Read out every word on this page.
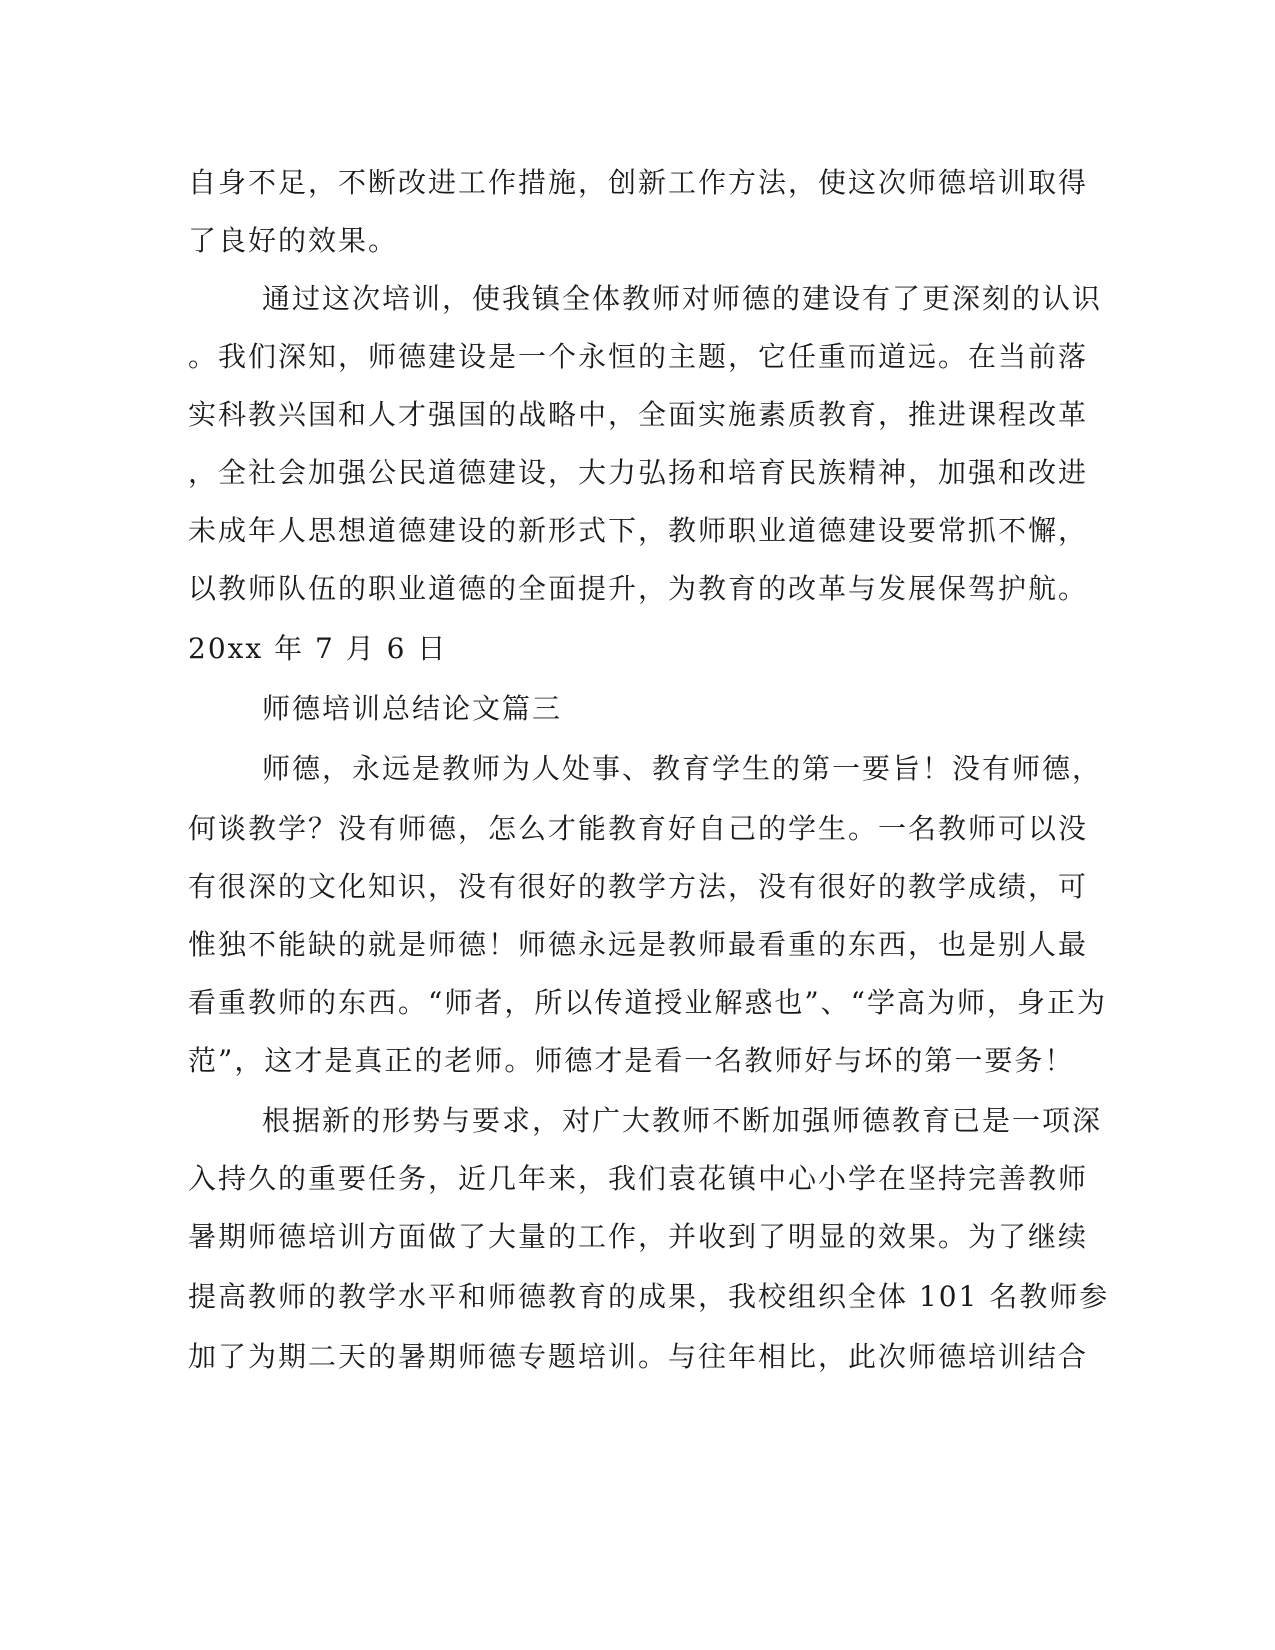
自身不足，不断改进工作措施，创新工作方法，使这次师德培训取得
了良好的效果。
通过这次培训，使我镇全体教师对师德的建设有了更深刻的认识
。我们深知，师德建设是一个永恒的主题，它任重而道远。在当前落
实科教兴国和人才强国的战略中，全面实施素质教育，推进课程改革
，全社会加强公民道德建设，大力弘扬和培育民族精神，加强和改进
未成年人思想道德建设的新形式下，教师职业道德建设要常抓不懈，
以教师队伍的职业道德的全面提升，为教育的改革与发展保驾护航。
20xx 年 7 月 6 日
师德培训总结论文篇三
师德，永远是教师为人处事、教育学生的第一要旨！没有师德，
何谈教学？没有师德，怎么才能教育好自己的学生。一名教师可以没
有很深的文化知识，没有很好的教学方法，没有很好的教学成绩，可
惟独不能缺的就是师德！师德永远是教师最看重的东西，也是别人最
看重教师的东西。“师者，所以传道授业解惑也”、“学高为师，身正为
范”，这才是真正的老师。师德才是看一名教师好与坏的第一要务！
根据新的形势与要求，对广大教师不断加强师德教育已是一项深
入持久的重要任务，近几年来，我们袁花镇中心小学在坚持完善教师
暑期师德培训方面做了大量的工作，并收到了明显的效果。为了继续
提高教师的教学水平和师德教育的成果，我校组织全体 101 名教师参
加了为期二天的暑期师德专题培训。与往年相比，此次师德培训结合
